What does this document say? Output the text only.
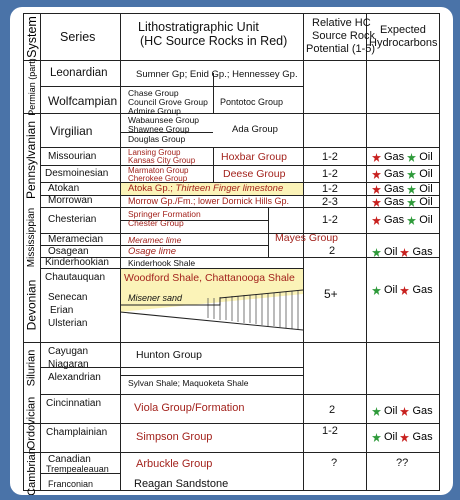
System Series
Lithostratigraphic Unit
(HC Source Rocks in Red)
Relative HC
Source Rock
Potential (1-5)
Expected
Hydrocarbons
Permian (part)
Pennsylvanian
Mississippian
Devonian
Silurian
Ordovician
Cambrian
Leonardian
Wolfcampian
Virgilian
Missourian
Desmoinesian
Atokan
Morrowan
Chesterian
Meramecian
Osagean
Kinderhookian
Chautauquan
Senecan
Erian
Ulsterian
Cayugan
Niagaran
Alexandrian
Cincinnatian
Champlainian
Canadian
Trempealeauan
Franconian
Sumner Gp; Enid Gp.; Hennessey Gp.
Chase Group
Council Grove Group
Admire Group
Pontotoc Group
Wabaunsee Group
Shawnee Group
Douglas Group
Ada Group
Lansing Group
Kansas City Group Hoxbar Group
Marmaton Group
Cherokee Group	Deese Group
Atoka Gp.; Thirteen Finger limestone
Morrow Gp./Fm.; lower Dornick Hills Gp.
Springer Formation
Chester Group
Meramec lime
Osage lime
Mayes Group
Kinderhook Shale
Woodford Shale, Chattanooga Shale
Misener sand
Hunton Group
Sylvan Shale; Maquoketa Shale
Viola Group/Formation
Simpson Group
Arbuckle Group
Reagan Sandstone
1-2
1-2
1-2
2-3
1-2
2
5+
2
1-2
?
Gas Oil
Gas Oil
Gas Oil
Gas Oil
Gas Oil
Oil Gas
Oil Gas
Oil Gas
Oil Gas
??
